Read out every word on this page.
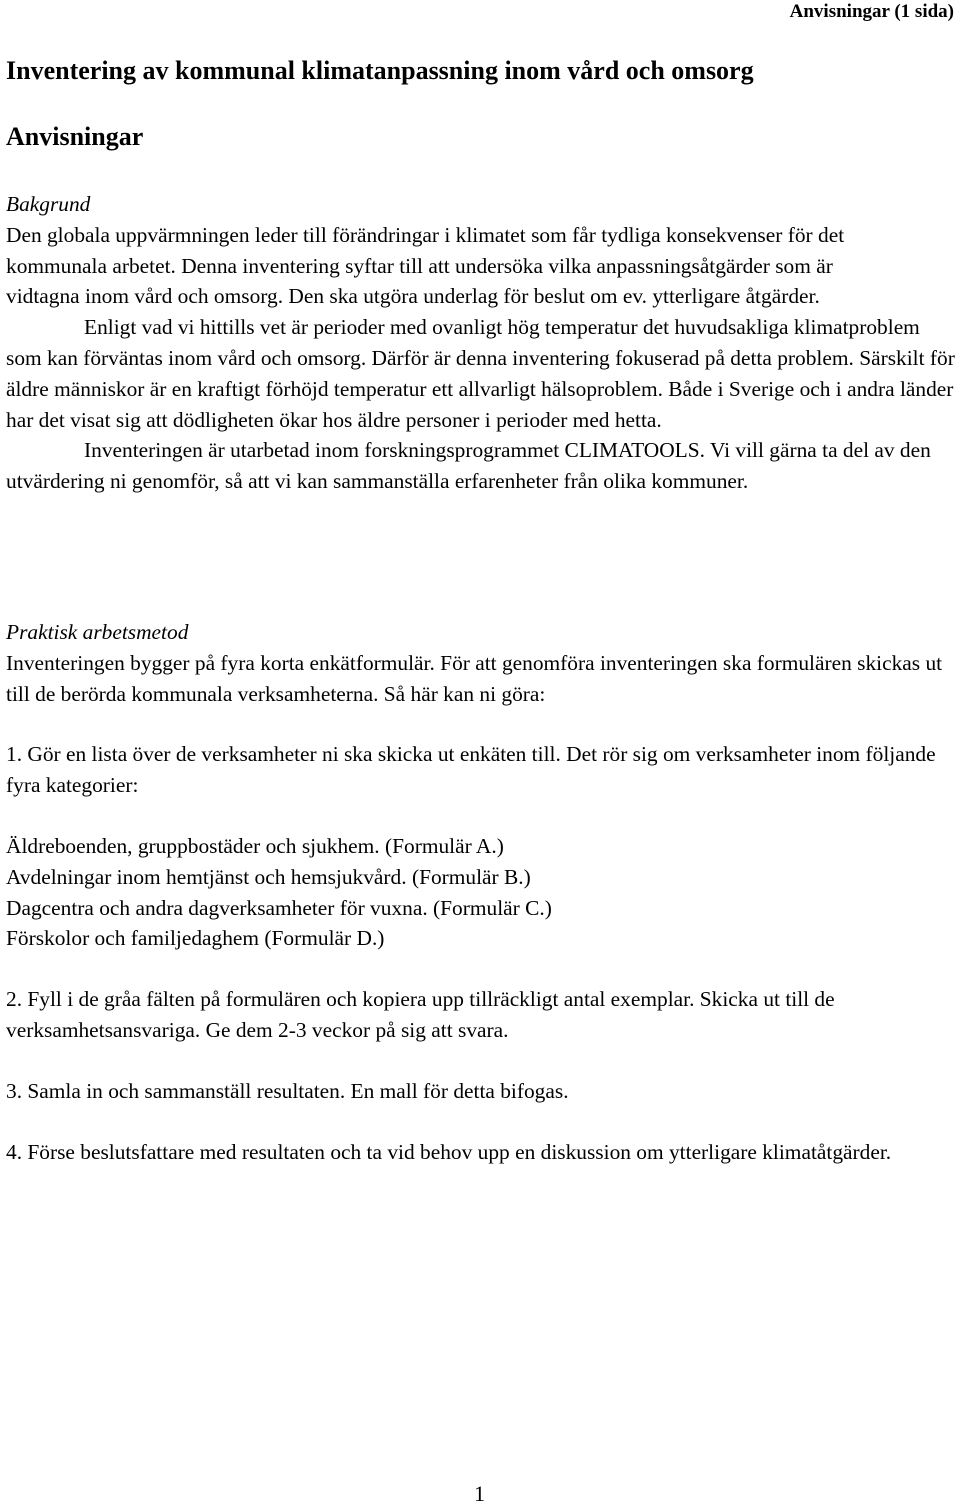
Anvisningar (1 sida)
Inventering av kommunal klimatanpassning inom vård och omsorg
Anvisningar
Bakgrund

Den globala uppvärmningen leder till förändringar i klimatet som får tydliga konsekvenser för det kommunala arbetet. Denna inventering syftar till att undersöka vilka anpassningsåtgärder som är vidtagna inom vård och omsorg. Den ska utgöra underlag för beslut om ev. ytterligare åtgärder.

Enligt vad vi hittills vet är perioder med ovanligt hög temperatur det huvudsakliga klimatproblem som kan förväntas inom vård och omsorg. Därför är denna inventering fokuserad på detta problem. Särskilt för äldre människor är en kraftigt förhöjd temperatur ett allvarligt hälsoproblem. Både i Sverige och i andra länder har det visat sig att dödligheten ökar hos äldre personer i perioder med hetta.

Inventeringen är utarbetad inom forskningsprogrammet CLIMATOOLS. Vi vill gärna ta del av den utvärdering ni genomför, så att vi kan sammanställa erfarenheter från olika kommuner.

Praktisk arbetsmetod

Inventeringen bygger på fyra korta enkätformulär. För att genomföra inventeringen ska formulären skickas ut till de berörda kommunala verksamheterna. Så här kan ni göra:

1. Gör en lista över de verksamheter ni ska skicka ut enkäten till. Det rör sig om verksamheter inom följande fyra kategorier:
Äldreboenden, gruppbostäder och sjukhem. (Formulär A.)
Avdelningar inom hemtjänst och hemsjukvård. (Formulär B.)
Dagcentra och andra dagverksamheter för vuxna. (Formulär C.)
Förskolor och familjedaghem (Formulär D.)
2. Fyll i de gråa fälten på formulären och kopiera upp tillräckligt antal exemplar. Skicka ut till de verksamhetsansvariga. Ge dem 2-3 veckor på sig att svara.
3. Samla in och sammanställ resultaten. En mall för detta bifogas.
4. Förse beslutsfattare med resultaten och ta vid behov upp en diskussion om ytterligare klimatåtgärder.
1
